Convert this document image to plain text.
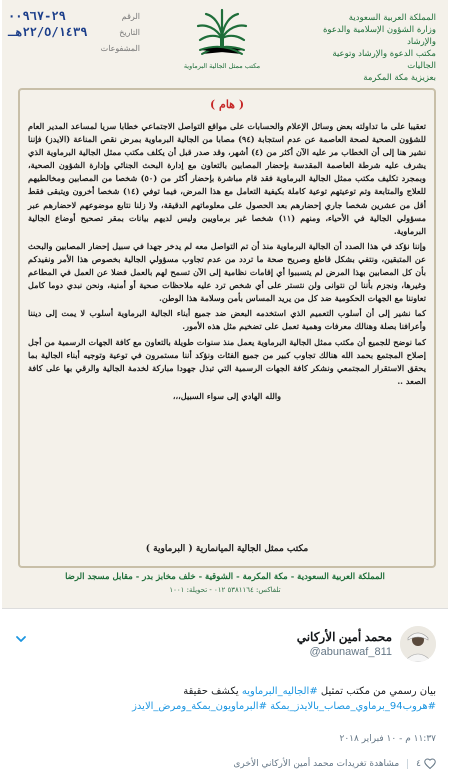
المملكة العربية السعودية
وزارة الشؤون الإسلامية والدعوة والإرشاد
مكتب الدعوة والإرشاد وتوعية الجاليات
بعزيزية مكة المكرمة
مكتب ممثل الجالية البرماوية
الرقم
٢٩-٠٠٩٦٧
التاريخ
٢٢/٥/١٤٣٩هـ
المشفوعات
( هام )

تعقيبا على ما تداولته بعض وسائل الإعلام والحسابات على مواقع التواصل الاجتماعي خطابا سريا لمساعد المدير العام للشؤون الصحية لصحة العاصمة عن عدم استجابة (٩٤) مصابا من الجالية البرماوية بمرض نقص المناعة (الايدز) فإننا نشير هنا إلى أن الخطاب مر عليه الآن أكثر من (٤) أشهر، وقد صدر قبل أن يكلف مكتب ممثل الجالية البرماوية الذي يشرف عليه شرطة العاصمة المقدسة بإحضار المصابين بالتعاون مع إدارة البحث الجنائي وإدارة الشؤون الصحية، وبمجرد تكليف مكتب ممثل الجالية البرماوية فقد قام مباشرة بإحضار أكثر من (٥٠) شخصا من المصابين ومخالطيهم للعلاج والمتابعة وتم توعيتهم توعية كاملة بكيفية التعامل مع هذا المرض، فيما توفي (١٤) شخصا أخرون ويتبقى فقط أقل من عشرين شخصا جاري إحضارهم بعد الحصول على معلوماتهم الدقيقة، ولا زلنا نتابع موضوعهم لاحضارهم عبر مسؤولي الجالية في الأحياء، ومنهم (١١) شخصا غير برماويين وليس لديهم بيانات بمقر تصحيح أوضاع الجالية البرماوية.

وإننا نؤكد في هذا الصدد أن الجالية البرماوية منذ أن تم التواصل معه لم يدخر جهدا في سبيل إحضار المصابين والبحث عن المتبقين، ونتفي بشكل قاطع وصريح صحة ما تردد من عدم تجاوب مسؤولي الجالية بخصوص هذا الأمر ونفيدكم بأن كل المصابين بهذا المرض لم يتسببوا أي إقامات نظامية إلى الآن تسمح لهم بالعمل فضلا عن العمل في المطاعم وغيرها، ونجزم بأننا لن نتوانى ولن نتستر على أي شخص ترد عليه ملاحظات صحية أو أمنية، ونحن نبدي دوما كامل تعاوننا مع الجهات الحكومية ضد كل من يريد المساس بأمن وسلامة هذا الوطن.

كما نشير إلى أن أسلوب التعميم الذي استخدمه البعض ضد جميع أبناء الجالية البرماوية أسلوب لا يمت إلى ديننا وأعرافنا بصلة وهنالك معرفات وهمية تعمل على تضخيم مثل هذه الأمور.

كما نوضح للجميع أن مكتب ممثل الجالية البرماوية يعمل منذ سنوات طويلة بالتعاون مع كافة الجهات الرسمية من أجل إصلاح المجتمع بحمد الله هنالك تجاوب كبير من جميع الفئات ونؤكد أننا مستمرون في توعية وتوجيه أبناء الجالية بما يحقق الاستقرار المجتمعي ونشكر كافة الجهات الرسمية التي تبذل جهودا مباركة لخدمة الجالية والرقي بها على كافة الصعد ..

والله الهادي إلى سواء السبيل،،،

مكتب ممثل الجالية الميانمارية ( البرماوية )
المملكة العربية السعودية - مكة المكرمة - الشوقية - خلف مخابز بدر - مقابل مسجد الرضا
تلفاكس: ٥٣٨١١٦٤ ٠١٢ - تحويلة: ١٠٠١
محمد أمين الأركاني
@abunawaf_811
بيان رسمي من مكتب تمثيل #الجاليه_البرماويه يكشف حقيقة
#هروب94_برماوي_مصاب_بالايدز_بمكة #البرماويون_بمكة_ومرض_الايدز
١١:٣٧ م - ١٠ فبراير ٢٠١٨
٤
مشاهدة تغريدات محمد أمين الأركاني الأخرى
